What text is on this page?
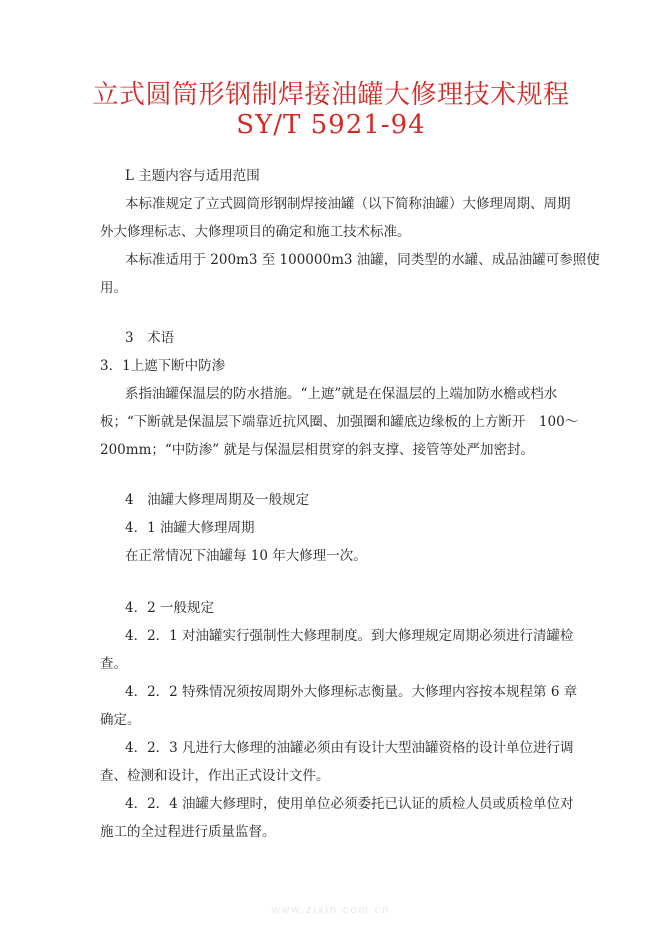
立式圆筒形钢制焊接油罐大修理技术规程
SY/T 5921-94
L 主题内容与适用范围
本标准规定了立式圆筒形钢制焊接油罐（以下简称油罐）大修理周期、周期
外大修理标志、大修理项目的确定和施工技术标准。
本标准适用于 200m3 至 100000m3 油罐，同类型的水罐、成品油罐可参照使
用。
3　术语
3．1上遮下断中防渗
系指油罐保温层的防水措施。“上遮”就是在保温层的上端加防水檐或档水
板；“下断就是保温层下端靠近抗风圈、加强圈和罐底边缘板的上方断开　100～
200mm；“中防渗” 就是与保温层相贯穿的斜支撑、接管等处严加密封。
4　油罐大修理周期及一般规定
4．1 油罐大修理周期
在正常情况下油罐每 10 年大修理一次。
4．2 一般规定
4．2．1 对油罐实行强制性大修理制度。到大修理规定周期必须进行清罐检
查。
4．2．2 特殊情况须按周期外大修理标志衡量。大修理内容按本规程第 6 章
确定。
4．2．3 凡进行大修理的油罐必须由有设计大型油罐资格的设计单位进行调
查、检测和设计，作出正式设计文件。
4．2．4 油罐大修理时，使用单位必须委托已认证的质检人员或质检单位对
施工的全过程进行质量监督。
www.zixin.com.cn
